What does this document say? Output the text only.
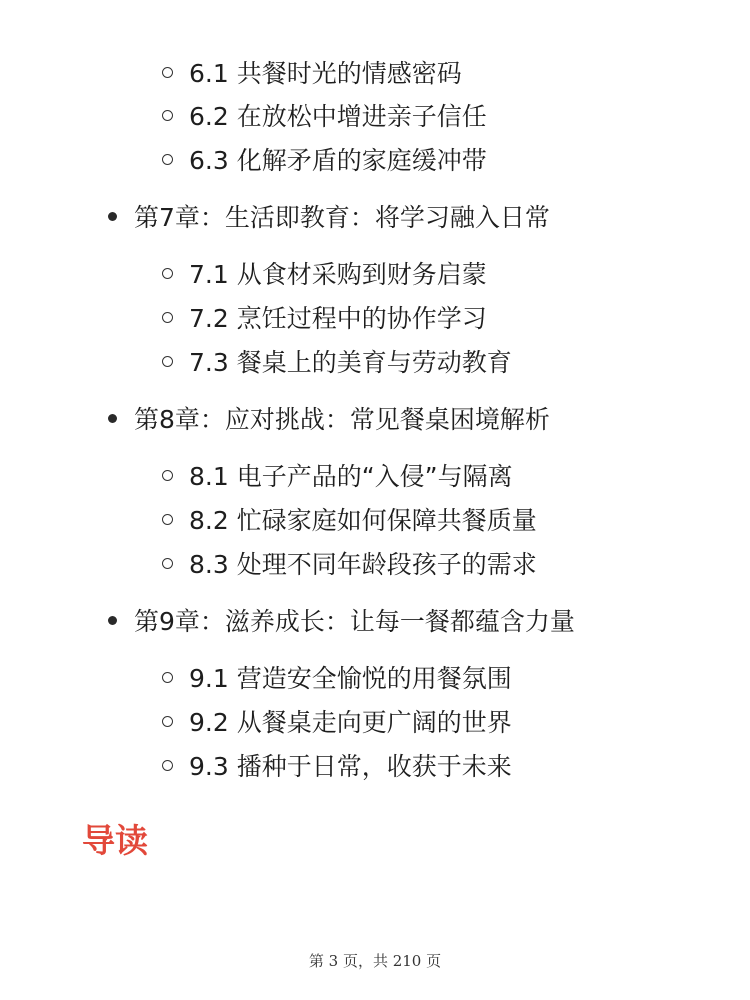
6.1 共餐时光的情感密码
6.2 在放松中增进亲子信任
6.3 化解矛盾的家庭缓冲带
第7章：生活即教育：将学习融入日常
7.1 从食材采购到财务启蒙
7.2 烹饪过程中的协作学习
7.3 餐桌上的美育与劳动教育
第8章：应对挑战：常见餐桌困境解析
8.1 电子产品的“入侵”与隔离
8.2 忙碌家庭如何保障共餐质量
8.3 处理不同年龄段孩子的需求
第9章：滋养成长：让每一餐都蕴含力量
9.1 营造安全愉悦的用餐氛围
9.2 从餐桌走向更广阔的世界
9.3 播种于日常，收获于未来
导读
第 3 页，共 210 页
